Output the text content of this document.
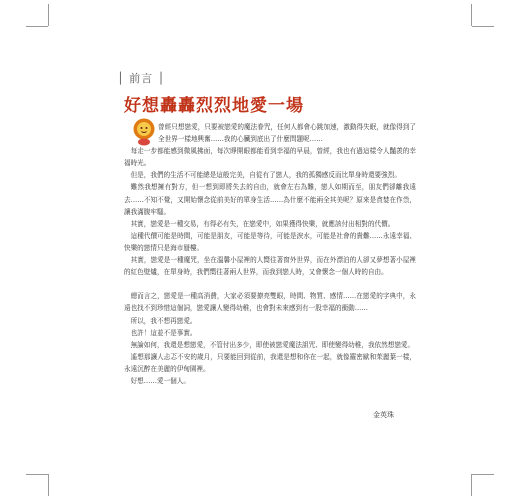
│ 前言 │
好想轟轟烈烈地愛一場

曾經只想戀愛，只要被戀愛的魔法眷咒，任何人都會心跳加速，激動得失眠，就像得到了全世界一樣地興奮……我的心臟到底出了什麼問題呢……

每走一步都能感到微風拂面，每次睜開眼都能看到幸福的早晨，曾經，我也有過這樣令人豔羨的幸福時光。

但是，我們的生活不可能總是這般完美，自從有了戀人，我的孤獨感反而比單身時還要強烈。

難然我想擁有對方，但一想到即將失去的自由，就會左右為難，戀人如期而至，朋友們卻離我遠去……不知不覺，又開始懷念從前美好的單身生活……為什麼不能兩全其美呢？原來是貪婪在作祟，讓我滿腹牢騷。

其實，戀愛是一種交易，有得必有失，在戀愛中，如果獲得快樂，就應該付出相對的代價。

這種代價可能是時間，可能是朋友，可能是等待，可能是淚水，可能是社會的貴難……永遠幸福、快樂的戀情只是海市蜃樓。

其實，戀愛是一種魔咒，坐在溫馨小屋裡的人嚮往著窗外世界，而在外漂泊的人卻又夢想著小屋裡的紅色壁爐，在單身時，我們嚮往著兩人世界，而我到戀人時，又會懷念一個人時的自由。

總而言之，戀愛是一種高消費，大家必須要撩亮雙眼，時間、物質、感情……在戀愛的字典中，永遠也找不到珍惜這個詞，戀愛讓人變得幼稚，也會對未來感到有一股幸福的衝動……

所以，我不想再戀愛。

也許！這並不是事實。

無論如何，我還是想戀愛，不管付出多少，即使被戀愛魔法詛咒、即使變得幼稚，我依然想戀愛。

遙想那讓人忐忑不安的歲月，只要能回到從前，我還是想和你在一起，就像羅密歐和茱麗葉一樣，永遠沉醉在美麗的伊甸園裡。

好想……愛一個人。

金英珠
